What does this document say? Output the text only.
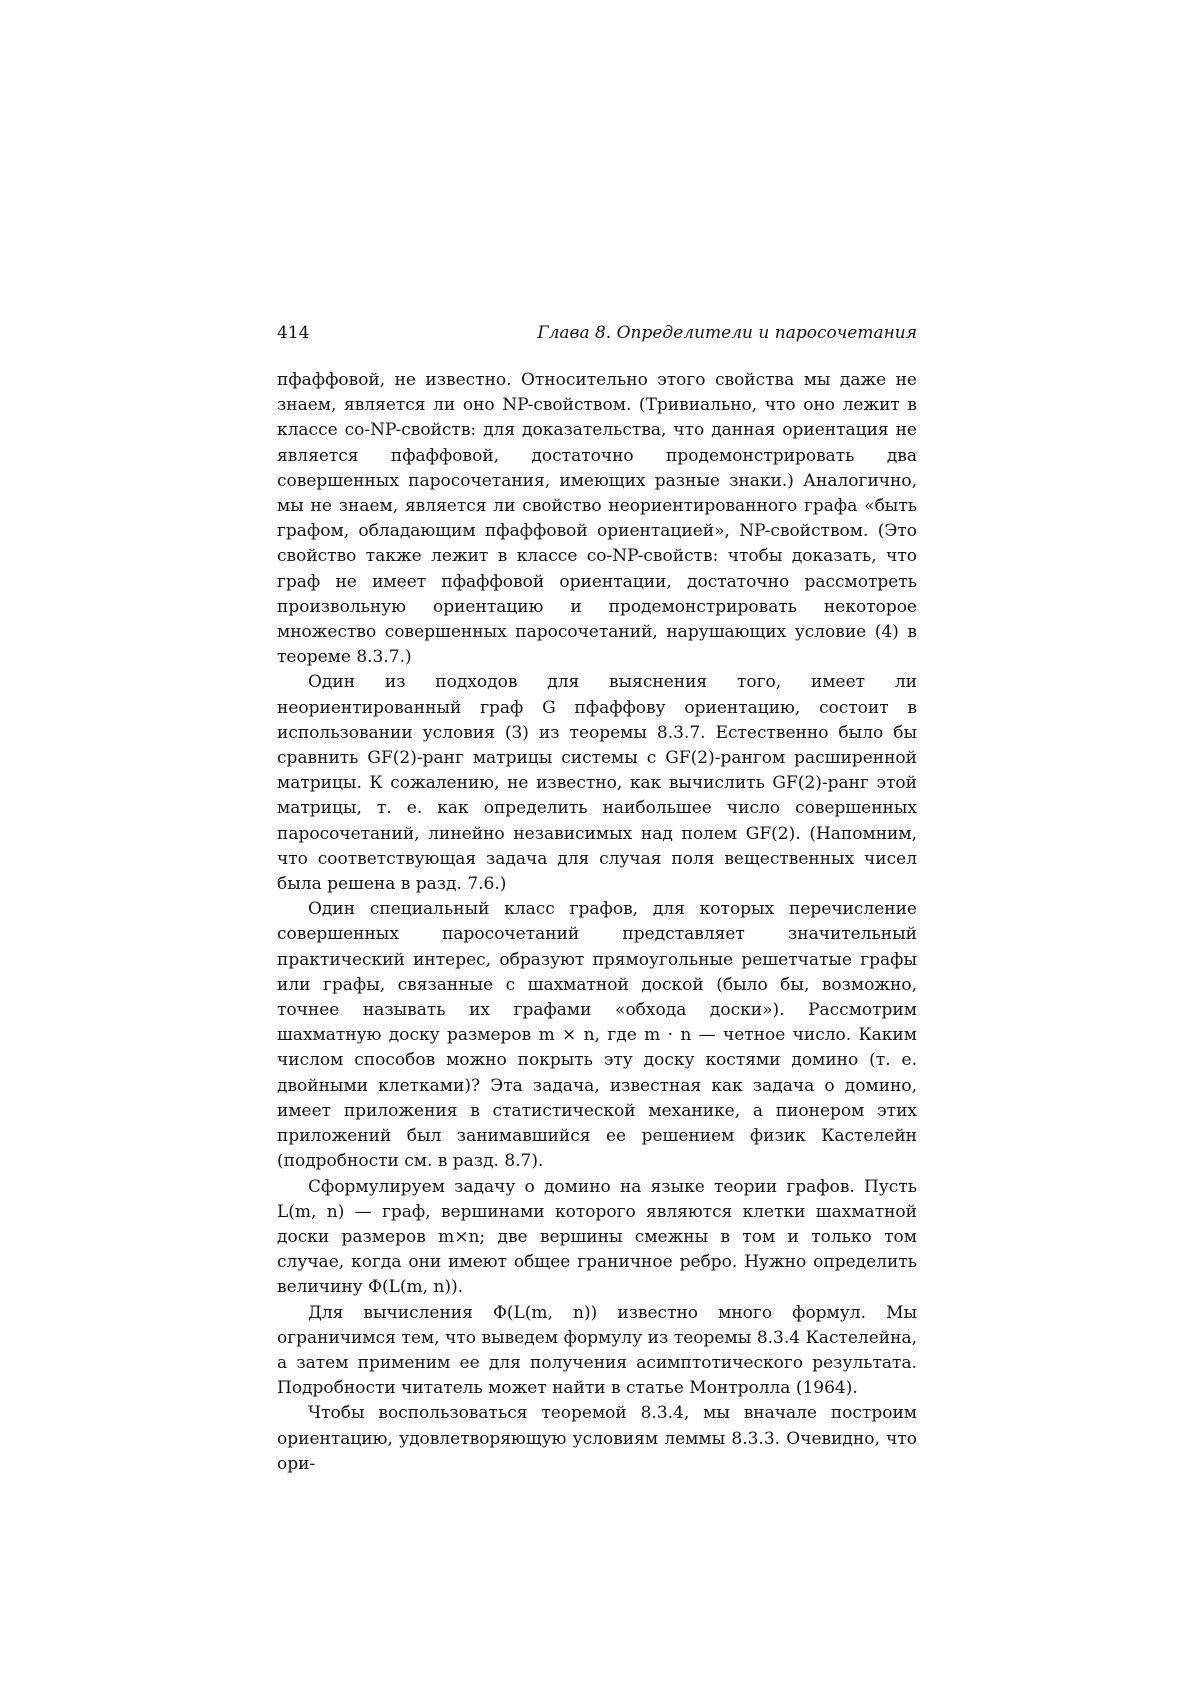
414	Глава 8. Определители и паросочетания

пфаффовой, не известно. Относительно этого свойства мы даже не знаем, является ли оно NP-свойством. (Тривиально, что оно лежит в классе co-NP-свойств: для доказательства, что данная ориентация не является пфаффовой, достаточно продемонстрировать два совершенных паросочетания, имеющих разные знаки.) Аналогично, мы не знаем, является ли свойство неориентированного графа «быть графом, обладающим пфаффовой ориентацией», NP-свойством. (Это свойство также лежит в классе co-NP-свойств: чтобы доказать, что граф не имеет пфаффовой ориентации, достаточно рассмотреть произвольную ориентацию и продемонстрировать некоторое множество совершенных паросочетаний, нарушающих условие (4) в теореме 8.3.7.)

Один из подходов для выяснения того, имеет ли неориентированный граф G пфаффову ориентацию, состоит в использовании условия (3) из теоремы 8.3.7. Естественно было бы сравнить GF(2)-ранг матрицы системы с GF(2)-рангом расширенной матрицы. К сожалению, не известно, как вычислить GF(2)-ранг этой матрицы, т. е. как определить наибольшее число совершенных паросочетаний, линейно независимых над полем GF(2). (Напомним, что соответствующая задача для случая поля вещественных чисел была решена в разд. 7.6.)

Один специальный класс графов, для которых перечисление совершенных паросочетаний представляет значительный практический интерес, образуют прямоугольные решетчатые графы или графы, связанные с шахматной доской (было бы, возможно, точнее называть их графами «обхода доски»). Рассмотрим шахматную доску размеров m × n, где m · n — четное число. Каким числом способов можно покрыть эту доску костями домино (т. е. двойными клетками)? Эта задача, известная как задача о домино, имеет приложения в статистической механике, а пионером этих приложений был занимавшийся ее решением физик Кастелейн (подробности см. в разд. 8.7).

Сформулируем задачу о домино на языке теории графов. Пусть L(m, n) — граф, вершинами которого являются клетки шахматной доски размеров m×n; две вершины смежны в том и только том случае, когда они имеют общее граничное ребро. Нужно определить величину Φ(L(m, n)).

Для вычисления Φ(L(m, n)) известно много формул. Мы ограничимся тем, что выведем формулу из теоремы 8.3.4 Кастелейна, а затем применим ее для получения асимптотического результата. Подробности читатель может найти в статье Монтролла (1964).

Чтобы воспользоваться теоремой 8.3.4, мы вначале построим ориентацию, удовлетворяющую условиям леммы 8.3.3. Очевидно, что ори-
